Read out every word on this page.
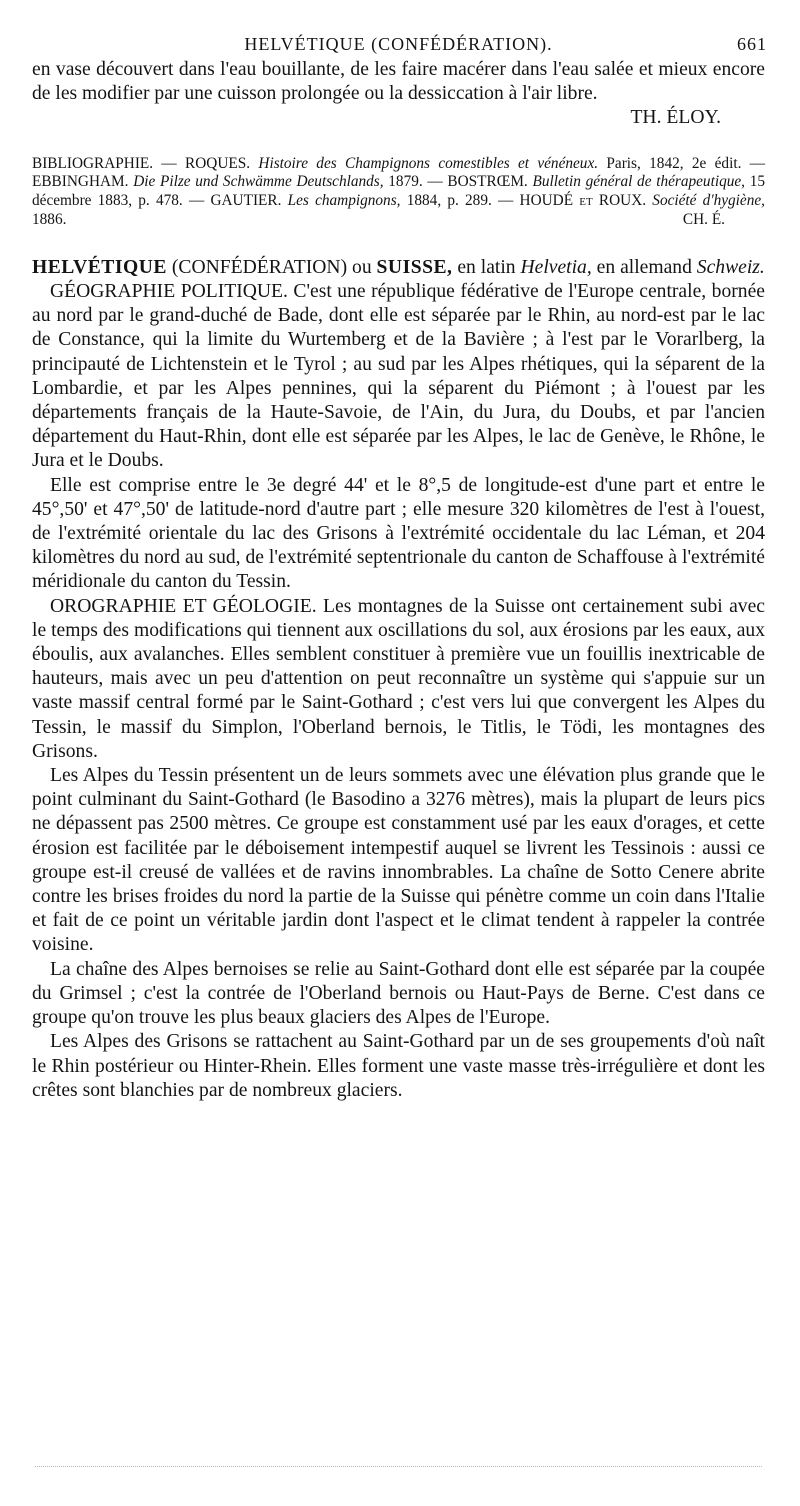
HELVÉTIQUE (CONFÉDÉRATION).	661

en vase découvert dans l'eau bouillante, de les faire macérer dans l'eau salée et mieux encore de les modifier par une cuisson prolongée ou la dessiccation à l'air libre.

TH. ÉLOY.

BIBLIOGRAPHIE. — ROQUES. Histoire des Champignons comestibles et vénéneux. Paris, 1842, 2e édit. — EBBINGHAM. Die Pilze und Schwämme Deutschlands, 1879. — BOSTRŒM. Bulletin général de thérapeutique, 15 décembre 1883, p. 478. — GAUTIER. Les champignons, 1884, p. 289. — HOUDÉ et ROUX. Société d'hygiène, 1886.	CH. É.

HELVÉTIQUE (CONFÉDÉRATION) ou SUISSE, en latin Helvetia, en allemand Schweiz.

GÉOGRAPHIE POLITIQUE. C'est une république fédérative de l'Europe centrale, bornée au nord par le grand-duché de Bade, dont elle est séparée par le Rhin, au nord-est par le lac de Constance, qui la limite du Wurtemberg et de la Bavière ; à l'est par le Vorarlberg, la principauté de Lichtenstein et le Tyrol ; au sud par les Alpes rhétiques, qui la séparent de la Lombardie, et par les Alpes pennines, qui la séparent du Piémont ; à l'ouest par les départements français de la Haute-Savoie, de l'Ain, du Jura, du Doubs, et par l'ancien département du Haut-Rhin, dont elle est séparée par les Alpes, le lac de Genève, le Rhône, le Jura et le Doubs.

Elle est comprise entre le 3e degré 44' et le 8°,5 de longitude-est d'une part et entre le 45°,50' et 47°,50' de latitude-nord d'autre part ; elle mesure 320 kilomètres de l'est à l'ouest, de l'extrémité orientale du lac des Grisons à l'extrémité occidentale du lac Léman, et 204 kilomètres du nord au sud, de l'extrémité septentrionale du canton de Schaffouse à l'extrémité méridionale du canton du Tessin.

OROGRAPHIE ET GÉOLOGIE. Les montagnes de la Suisse ont certainement subi avec le temps des modifications qui tiennent aux oscillations du sol, aux érosions par les eaux, aux éboulis, aux avalanches. Elles semblent constituer à première vue un fouillis inextricable de hauteurs, mais avec un peu d'attention on peut reconnaître un système qui s'appuie sur un vaste massif central formé par le Saint-Gothard ; c'est vers lui que convergent les Alpes du Tessin, le massif du Simplon, l'Oberland bernois, le Titlis, le Tödi, les montagnes des Grisons.

Les Alpes du Tessin présentent un de leurs sommets avec une élévation plus grande que le point culminant du Saint-Gothard (le Basodino a 3276 mètres), mais la plupart de leurs pics ne dépassent pas 2500 mètres. Ce groupe est constamment usé par les eaux d'orages, et cette érosion est facilitée par le déboisement intempestif auquel se livrent les Tessinois : aussi ce groupe est-il creusé de vallées et de ravins innombrables. La chaîne de Sotto Cenere abrite contre les brises froides du nord la partie de la Suisse qui pénètre comme un coin dans l'Italie et fait de ce point un véritable jardin dont l'aspect et le climat tendent à rappeler la contrée voisine.

La chaîne des Alpes bernoises se relie au Saint-Gothard dont elle est séparée par la coupée du Grimsel ; c'est la contrée de l'Oberland bernois ou Haut-Pays de Berne. C'est dans ce groupe qu'on trouve les plus beaux glaciers des Alpes de l'Europe.

Les Alpes des Grisons se rattachent au Saint-Gothard par un de ses groupements d'où naît le Rhin postérieur ou Hinter-Rhein. Elles forment une vaste masse très-irrégulière et dont les crêtes sont blanchies par de nombreux glaciers.
